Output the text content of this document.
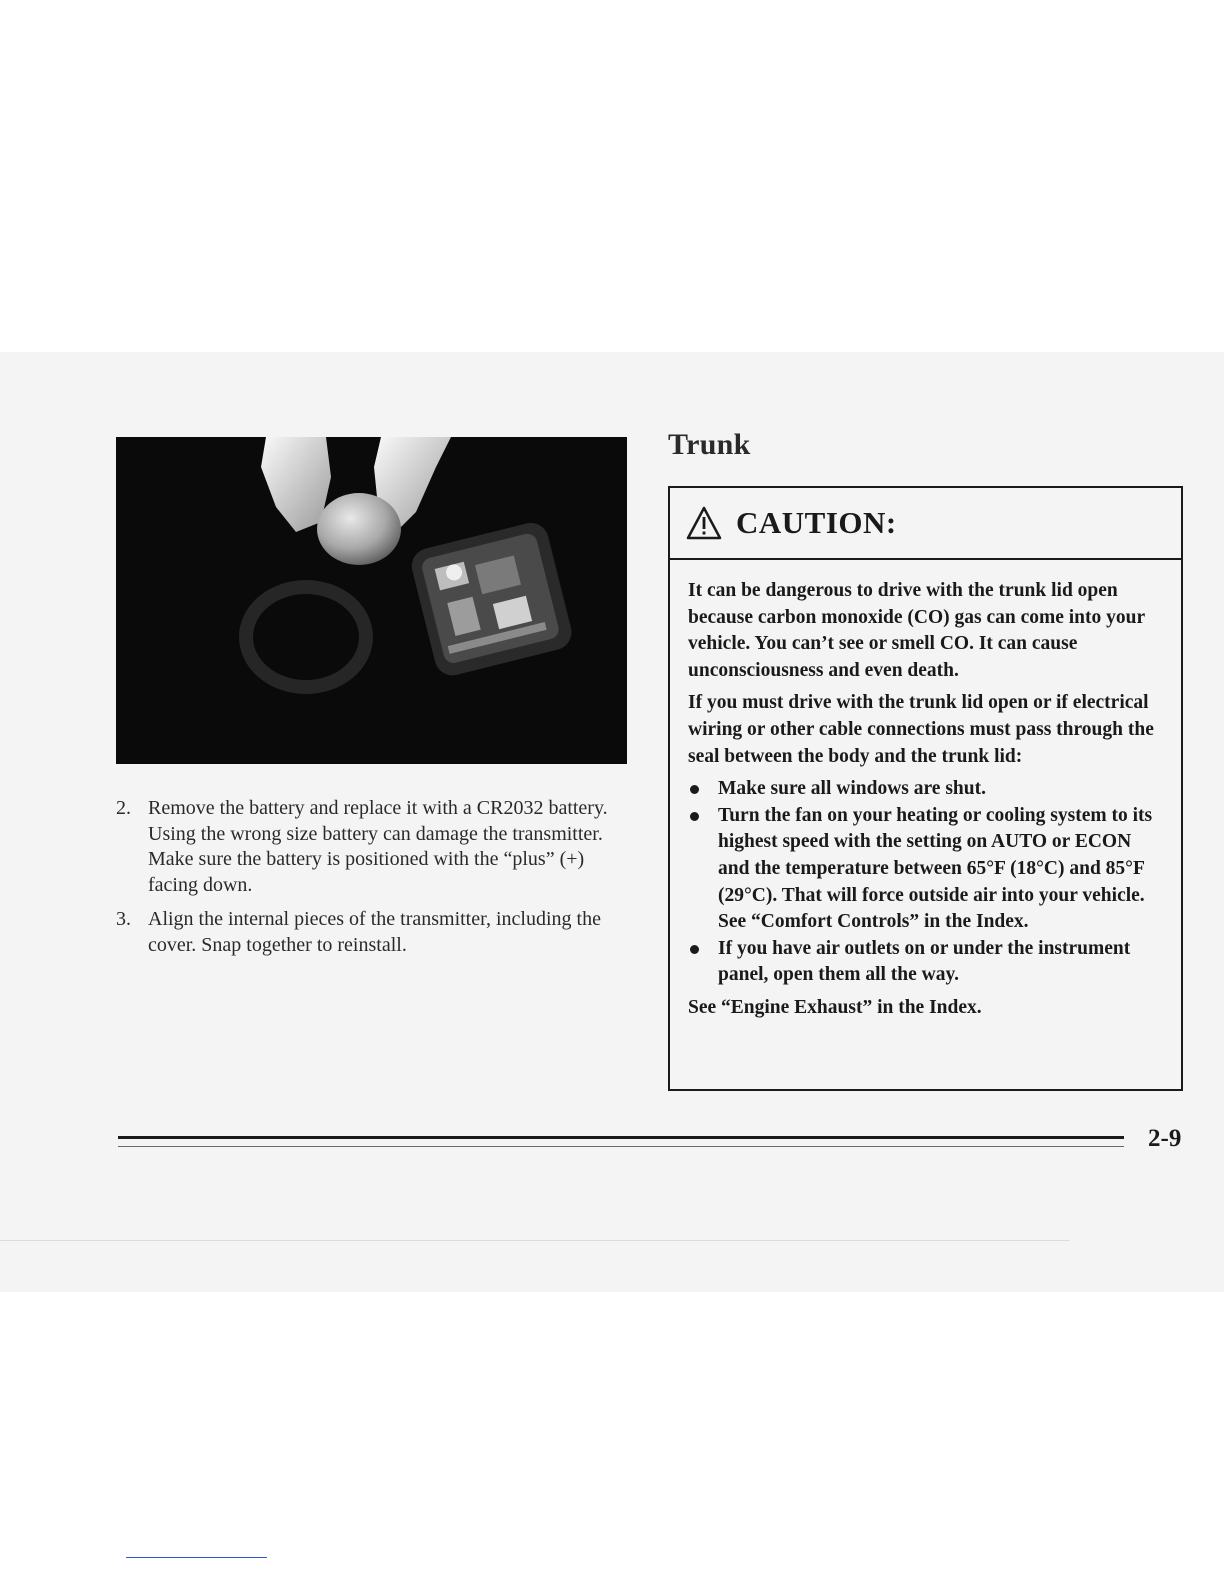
2. Remove the battery and replace it with a CR2032 battery. Using the wrong size battery can damage the transmitter. Make sure the battery is positioned with the “plus” (+) facing down.
3. Align the internal pieces of the transmitter, including the cover. Snap together to reinstall.
Trunk
CAUTION:

It can be dangerous to drive with the trunk lid open because carbon monoxide (CO) gas can come into your vehicle. You can’t see or smell CO. It can cause unconsciousness and even death.

If you must drive with the trunk lid open or if electrical wiring or other cable connections must pass through the seal between the body and the trunk lid:

Make sure all windows are shut.
Turn the fan on your heating or cooling system to its highest speed with the setting on AUTO or ECON and the temperature between 65°F (18°C) and 85°F (29°C). That will force outside air into your vehicle. See “Comfort Controls” in the Index.
If you have air outlets on or under the instrument panel, open them all the way.

See “Engine Exhaust” in the Index.

2-9
